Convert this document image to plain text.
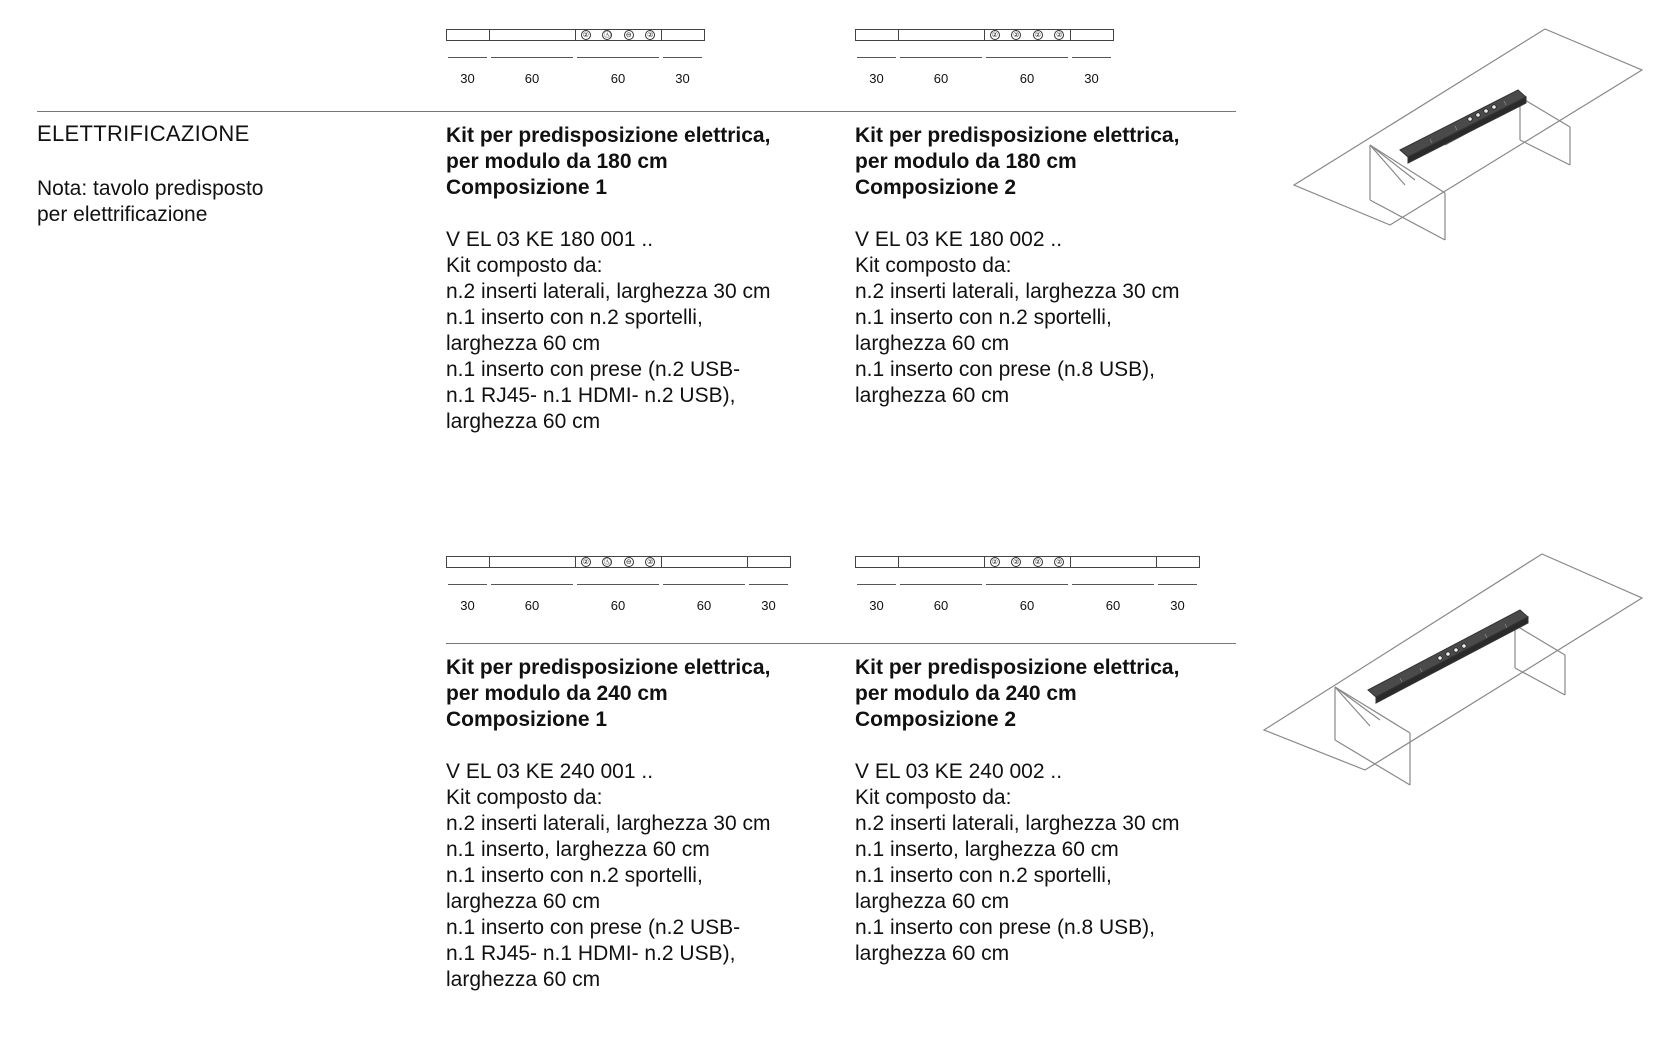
ELETTRIFICAZIONE
Nota: tavolo predisposto
per elettrificazione
30	60
② Ⓐ ⊖ ②
60	30	30	60
② ② ② ②
60	30
30	60
② Ⓐ ⊖ ②
60	60	30	30	60
② ② ② ②
60	60	30
Kit per predisposizione elettrica,
per modulo da 180 cm
Composizione 1
V EL 03 KE 180 001 ..
Kit composto da:
n.2 inserti laterali, larghezza 30 cm
n.1 inserto con n.2 sportelli,
larghezza 60 cm
n.1 inserto con prese (n.2 USB-
n.1 RJ45- n.1 HDMI- n.2 USB),
larghezza 60 cm
Kit per predisposizione elettrica,
per modulo da 180 cm
Composizione 2
V EL 03 KE 180 002 ..
Kit composto da:
n.2 inserti laterali, larghezza 30 cm
n.1 inserto con n.2 sportelli,
larghezza 60 cm
n.1 inserto con prese (n.8 USB),
larghezza 60 cm
Kit per predisposizione elettrica,
per modulo da 240 cm
Composizione 1
V EL 03 KE 240 001 ..
Kit composto da:
n.2 inserti laterali, larghezza 30 cm
n.1 inserto, larghezza 60 cm
n.1 inserto con n.2 sportelli,
larghezza 60 cm
n.1 inserto con prese (n.2 USB-
n.1 RJ45- n.1 HDMI- n.2 USB),
larghezza 60 cm
Kit per predisposizione elettrica,
per modulo da 240 cm
Composizione 2
V EL 03 KE 240 002 ..
Kit composto da:
n.2 inserti laterali, larghezza 30 cm
n.1 inserto, larghezza 60 cm
n.1 inserto con n.2 sportelli,
larghezza 60 cm
n.1 inserto con prese (n.8 USB),
larghezza 60 cm
